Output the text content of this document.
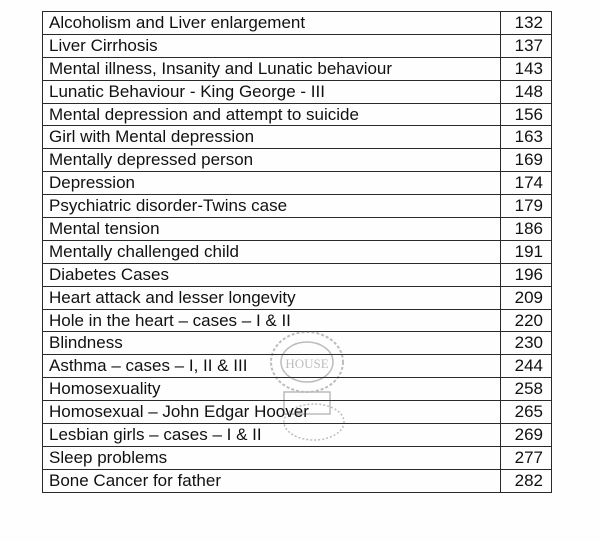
Alcoholism and Liver enlargement	132
Liver Cirrhosis	137
Mental illness, Insanity and Lunatic behaviour	143
Lunatic Behaviour - King George - III	148
Mental depression and attempt to suicide	156
Girl with Mental depression	163
Mentally depressed person	169
Depression	174
Psychiatric disorder-Twins case	179
Mental tension	186
Mentally challenged child	191
Diabetes Cases	196
Heart attack and lesser longevity	209
Hole in the heart – cases – I & II	220
Blindness	230
Asthma – cases – I, II & III	244
Homosexuality	258
Homosexual – John Edgar Hoover	265
Lesbian girls – cases – I & II	269
Sleep problems	277
Bone Cancer for father	282
HOUSE
